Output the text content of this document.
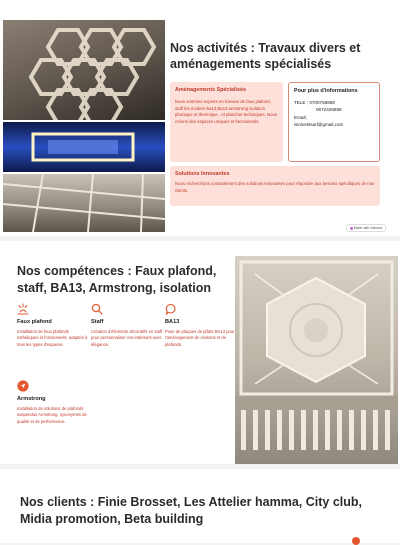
Nos activités : Travaux divers et aménagements spécialisés
Aménagements Spécialisés

Nous sommes experts en travaux de faux plafond, staff les modern ba13,Ba13 armstrong isolation phonique et thermique , et plancher techniques. Nous créons des espaces uniques et fonctionnels.

Pour plus d'informations
TELE ; 0700758859
0672426858
Email;
isinivestsarl@gmail,com
Solutions Innovantes

Nous recherchons constamment des solutions innovantes pour répondre aux besoins spécifiques de nos clients.

Made with Gamma
Nos compétences : Faux plafond, staff, BA13, Armstrong, isolation
Faux plafond
Installation de faux plafonds esthétiques et fonctionnels, adaptés à tous les types d'espaces.
Staff
Création d'éléments décoratifs en staff pour personnaliser vos intérieurs avec élégance.
BA13
Pose de plaques de plâtre BA13 pour l'aménagement de cloisons et de plafonds.
Armstrong
Installation de solutions de plafonds suspendus Armstrong, synonymes de qualité et de performance.
Nos clients : Finie Brosset, Les Attelier hamma, City club, Midia promotion, Beta building
